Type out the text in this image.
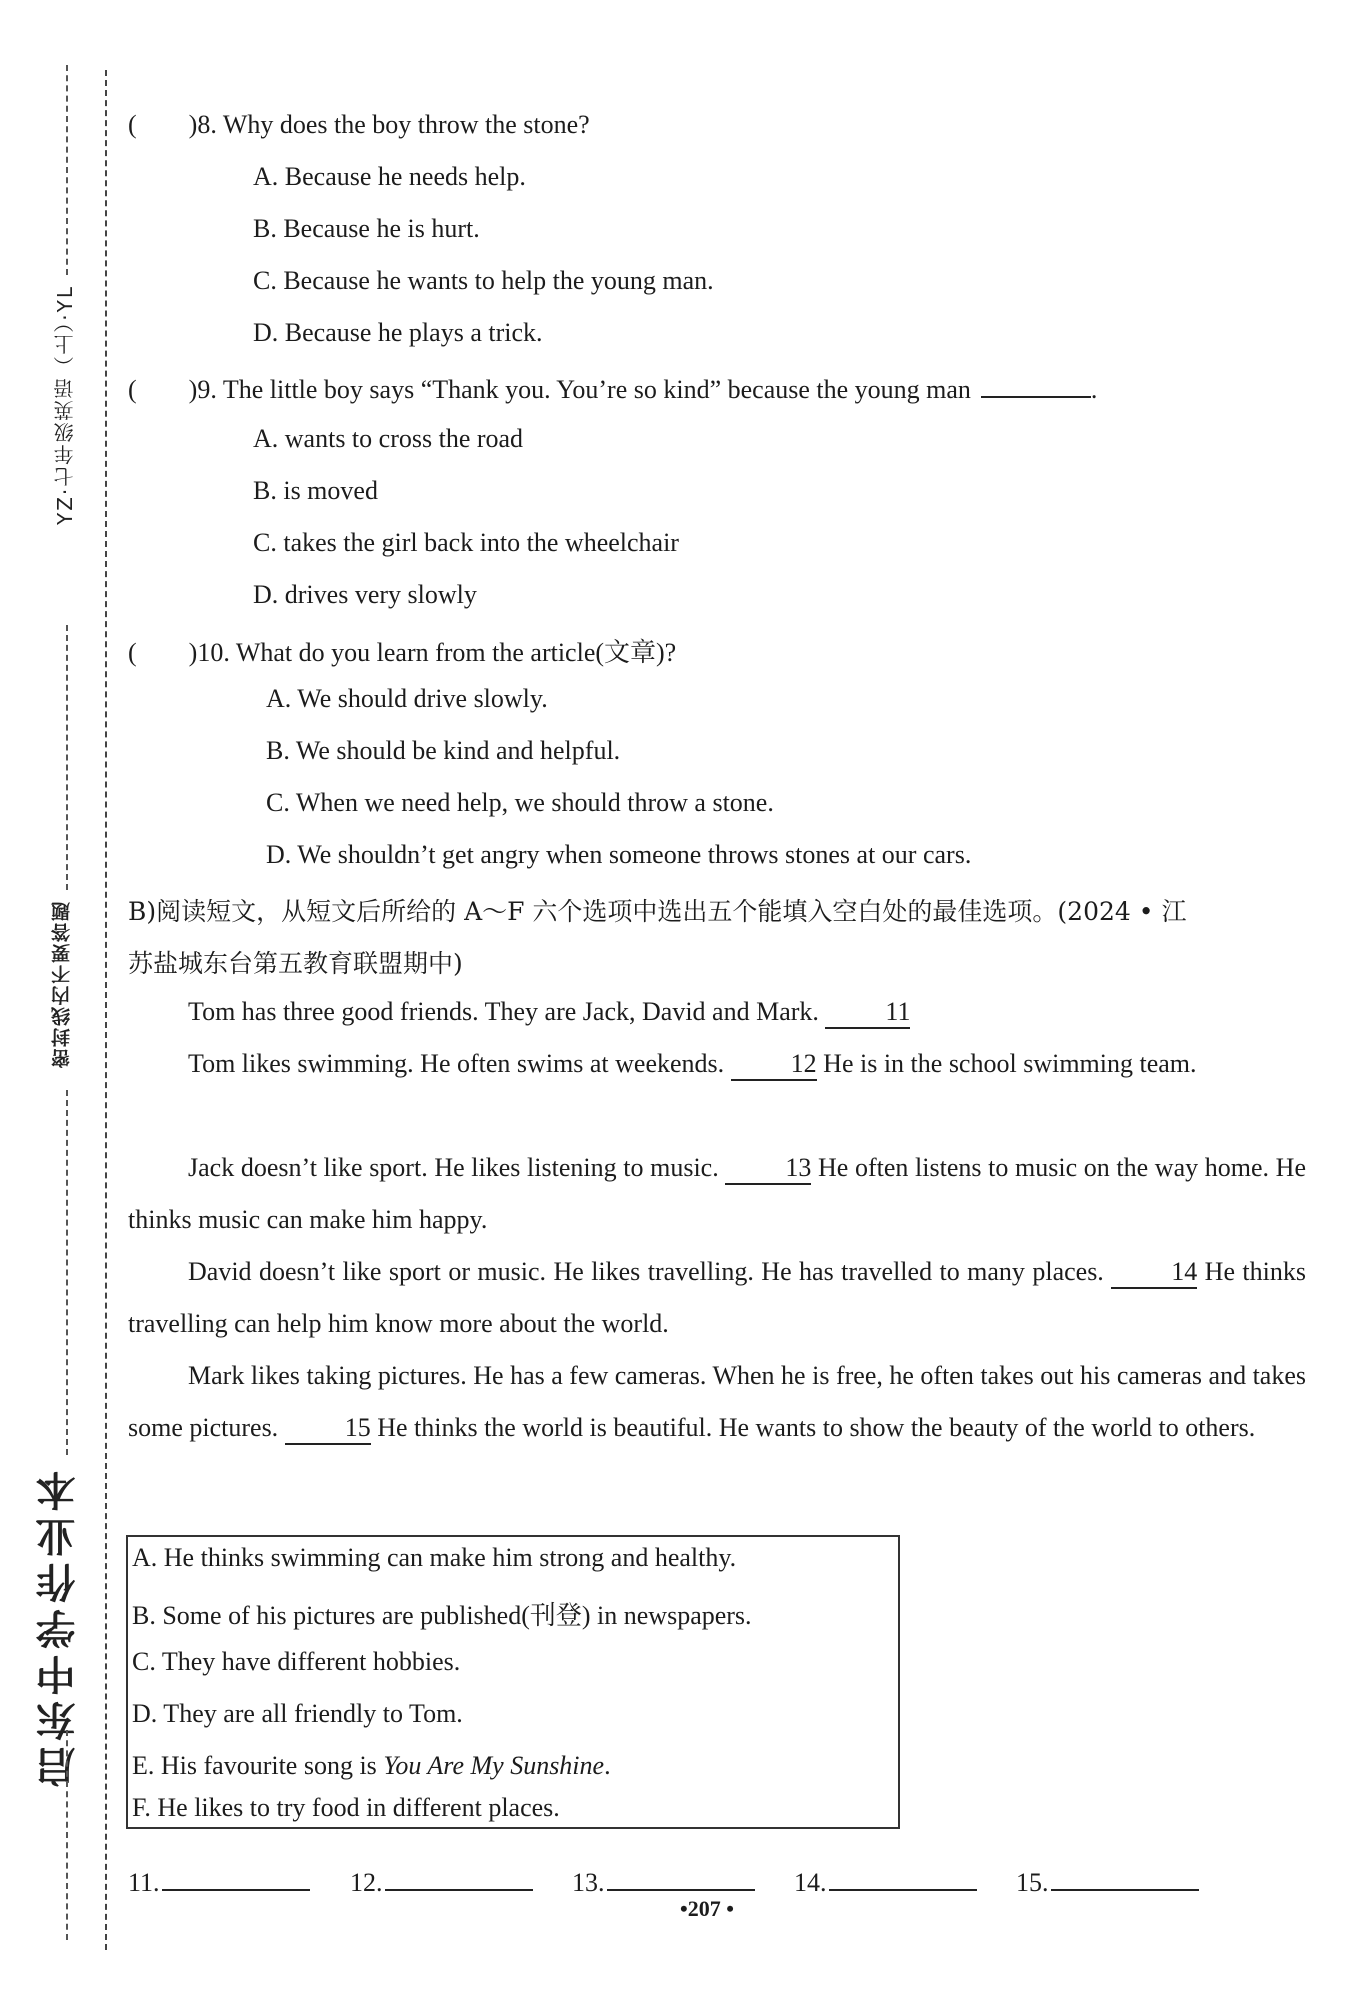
YZ·七年级英语（上）·YL
密封线内不要答题
启东中学作业本
(        )8. Why does the boy throw the stone?
A. Because he needs help.
B. Because he is hurt.
C. Because he wants to help the young man.
D. Because he plays a trick.
(        )9. The little boy says “Thank you. You’re so kind” because the young man	.
A. wants to cross the road
B. is moved
C. takes the girl back into the wheelchair
D. drives very slowly
(        )10. What do you learn from the article(文章)?
A. We should drive slowly.
B. We should be kind and helpful.
C. When we need help, we should throw a stone.
D. We shouldn’t get angry when someone throws stones at our cars.
B)阅读短文，从短文后所给的 A～F 六个选项中选出五个能填入空白处的最佳选项。(2024 • 江
苏盐城东台第五教育联盟期中)
Tom has three good friends. They are Jack, David and Mark. 11
Tom likes swimming. He often swims at weekends. 12 He is in the school swimming team.
Jack doesn’t like sport. He likes listening to music. 13 He often listens to music on the way home. He thinks music can make him happy.
David doesn’t like sport or music. He likes travelling. He has travelled to many places. 14 He thinks travelling can help him know more about the world.
Mark likes taking pictures. He has a few cameras. When he is free, he often takes out his cameras and takes some pictures. 15 He thinks the world is beautiful. He wants to show the beauty of the world to others.
A. He thinks swimming can make him strong and healthy.
B. Some of his pictures are published(刊登) in newspapers.
C. They have different hobbies.
D. They are all friendly to Tom.
E. His favourite song is You Are My Sunshine.
F. He likes to try food in different places.
11.	12.	13.	14.	15.
•207 •
